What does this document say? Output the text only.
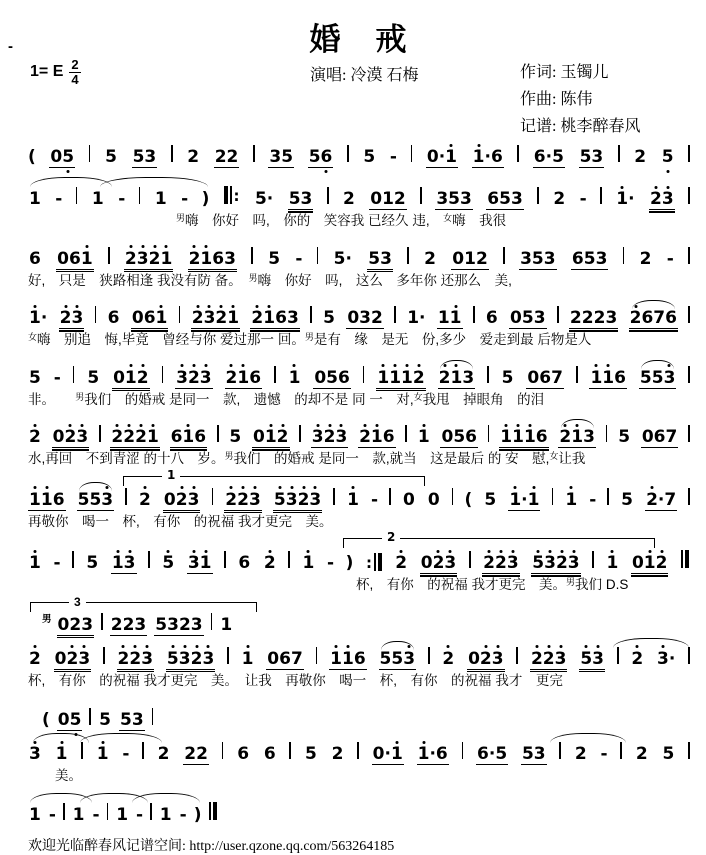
-	婚　戒
1= E $\frac{2}{4}$	演唱: 冷漠 石梅	作词: 玉镯儿
作曲: 陈伟
记谱: 桃李醉春风
( 0 5 5 5 3 2 2 2 3 5 5 6 5 - 0 · 1 1 · 6 6 · 5 5 3 2 5
1 - 1 - 1 - ) : 5 · 5 3 2 0 1 2 3 5 3 6 5 3 2 - 1 · 2 3
$^男$嗨　 你好　 吗,　 你的　 笑容我 已经久 违,　 $^女$嗨　 我很
6 0 6 1 2 3 2 1 2 1 6 3 5 - 5 · 5 3 2 0 1 2 3 5 3 6 5 3 2 -
好,　 只是　 狭路相逢 我没有防 备。　 $^男$嗨　 你好　 吗,　 这么　 多年你 还那么　 美,
1 · 2 3 6 0 6 1 2 3 2 1 2 1 6 3 5 0 3 2 1 · 1 1 6 0 5 3 2 2 2 3 2 6 7 6
$^女$嗨　 别追　 悔,毕竟　 曾经与你 爱过那一 回。$^男$是有　 缘　 是无　 份,多少　 爱走到最 后物是人
5 - 5 0 1 2 3 2 3 2 1 6 1 0 5 6 1 1 1 2 2 1 3 5 0 6 7 1 1 6 5 5 3
非。　　	$^男$我们　 的婚戒 是同一　 款,　 遗憾　 的却不是 同 一　 对,$^女$我甩　 掉眼角　 的泪
2 0 2 3 2 2 2 1 6 1 6 5 0 1 2 3 2 3 2 1 6 1 0 5 6 1 1 1 6 2 1 3 5 0 6 7
水,再回　 不到青涩 的十八　 岁。$^男$我们　 的婚戒 是同一　 款,就当　 这是最后 的 安　 慰,$^女$让我
1 1 6 5 5 3 2 0 2 3 2 2 3 5 3 2 3 1 - 0 0 ( 5 1 · 1 1 - 5 2 · 7
1
再敬你　 喝一　 杯,　 有你　 的祝福 我才更完　 美。
1 - 5 1 3 5 3 1 6 2 1 - ) : 2 0 2 3 2 2 3 5 3 2 3 1 0 1 2
2
杯,　 有你　 的祝福 我才更完　 美。$^男$我们 D.S
男 0 2 3 2 2 3 5 3 2 3 1
3
2 0 2 3 2 2 3 5 3 2 3 1 0 6 7 1 1 6 5 5 3 2 0 2 3 2 2 3 5 3 2 3 ·
杯,　 有你　 的祝福 我才更完　 美。　 让我　 再敬你　 喝一　 杯,　 有你　 的祝福 我才　 更完
( 0 5 5 5 3
3 1 1 - 2 2 2 6 6 5 2 0 · 1 1 · 6 6 · 5 5 3 2 - 2 5
　　美。
1 - 1 - 1 - 1 - )
欢迎光临醉春风记谱空间: http://user.qzone.qq.com/563264185
